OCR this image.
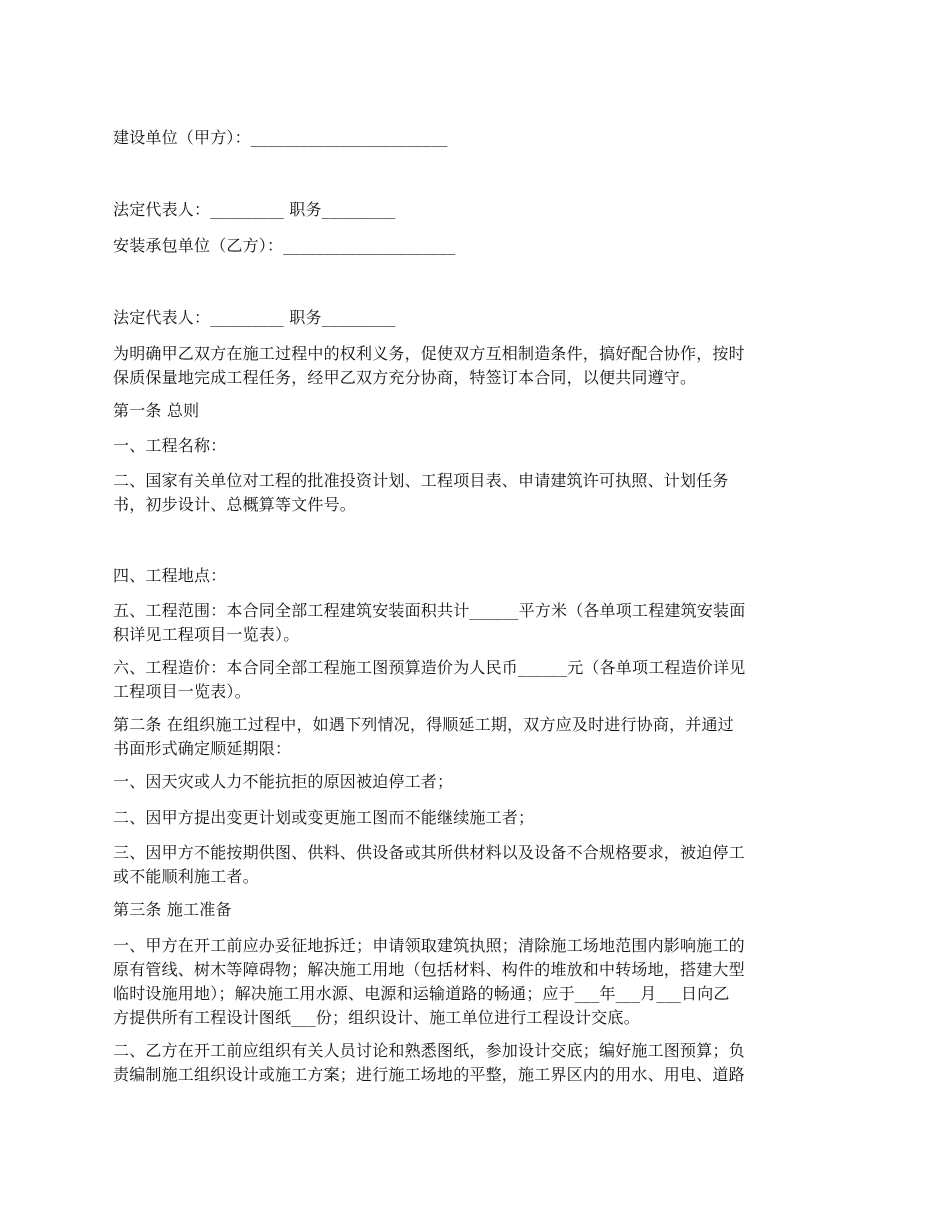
建设单位（甲方）：________________________
法定代表人：_________ 职务_________
安装承包单位（乙方）：_____________________
法定代表人：_________ 职务_________
为明确甲乙双方在施工过程中的权利义务，促使双方互相制造条件，搞好配合协作，按时
保质保量地完成工程任务，经甲乙双方充分协商，特签订本合同，以便共同遵守。
第一条 总则
一、工程名称：
二、国家有关单位对工程的批准投资计划、工程项目表、申请建筑许可执照、计划任务
书，初步设计、总概算等文件号。
四、工程地点：
五、工程范围：本合同全部工程建筑安装面积共计______平方米（各单项工程建筑安装面
积详见工程项目一览表）。
六、工程造价：本合同全部工程施工图预算造价为人民币______元（各单项工程造价详见
工程项目一览表）。
第二条 在组织施工过程中，如遇下列情况，得顺延工期，双方应及时进行协商，并通过
书面形式确定顺延期限：
一、因天灾或人力不能抗拒的原因被迫停工者；
二、因甲方提出变更计划或变更施工图而不能继续施工者；
三、因甲方不能按期供图、供料、供设备或其所供材料以及设备不合规格要求，被迫停工
或不能顺利施工者。
第三条 施工准备
一、甲方在开工前应办妥征地拆迁；申请领取建筑执照；清除施工场地范围内影响施工的
原有管线、树木等障碍物；解决施工用地（包括材料、构件的堆放和中转场地，搭建大型
临时设施用地）；解决施工用水源、电源和运输道路的畅通；应于___年___月___日向乙
方提供所有工程设计图纸___份；组织设计、施工单位进行工程设计交底。
二、乙方在开工前应组织有关人员讨论和熟悉图纸，参加设计交底；编好施工图预算；负
责编制施工组织设计或施工方案；进行施工场地的平整，施工界区内的用水、用电、道路
